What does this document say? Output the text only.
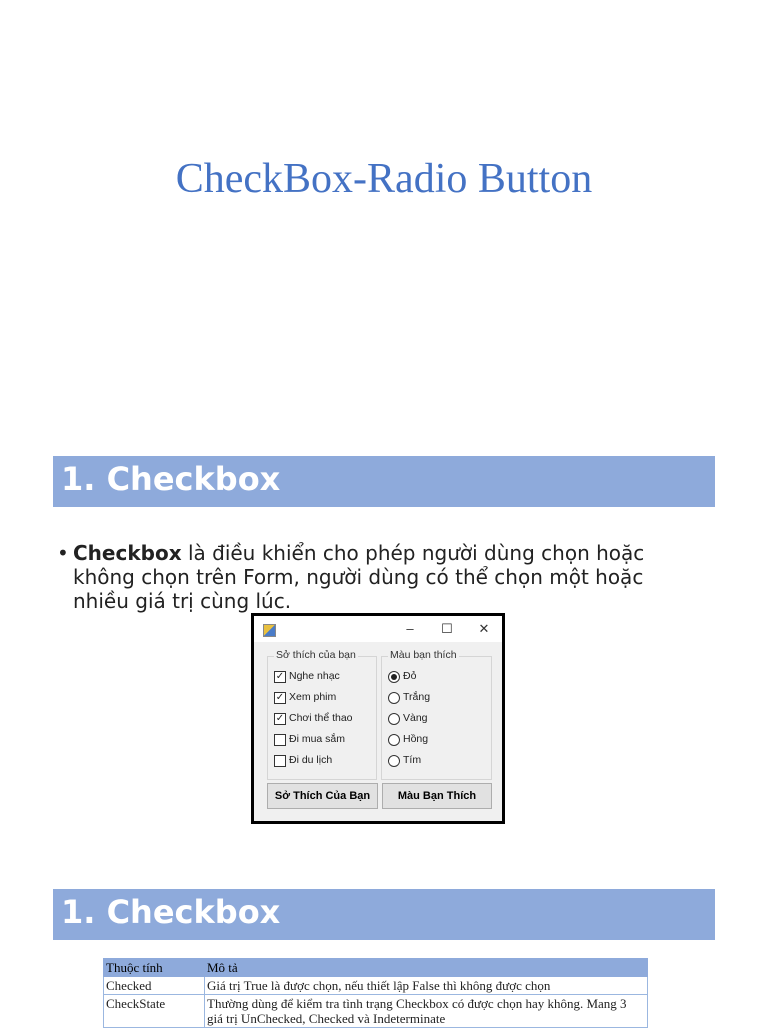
CheckBox-Radio Button
1. Checkbox
• Checkbox là điều khiển cho phép người dùng chọn hoặc không chọn trên Form, người dùng có thể chọn một hoặc nhiều giá trị cùng lúc.
–	☐	✕
Sở thích của bạn
✓ Nghe nhạc
✓ Xem phim
✓ Chơi thể thao
Đi mua sắm
Đi du lịch
Màu bạn thích
Đỏ
Trắng
Vàng
Hồng
Tím
Sở Thích Của Bạn	Màu Bạn Thích
1. Checkbox
Thuộc tính	Mô tả
Checked	Giá trị True là được chọn, nếu thiết lập False thì không được chọn
CheckState	Thường dùng để kiểm tra tình trạng Checkbox có được chọn hay không. Mang 3 giá trị UnChecked, Checked và Indeterminate
